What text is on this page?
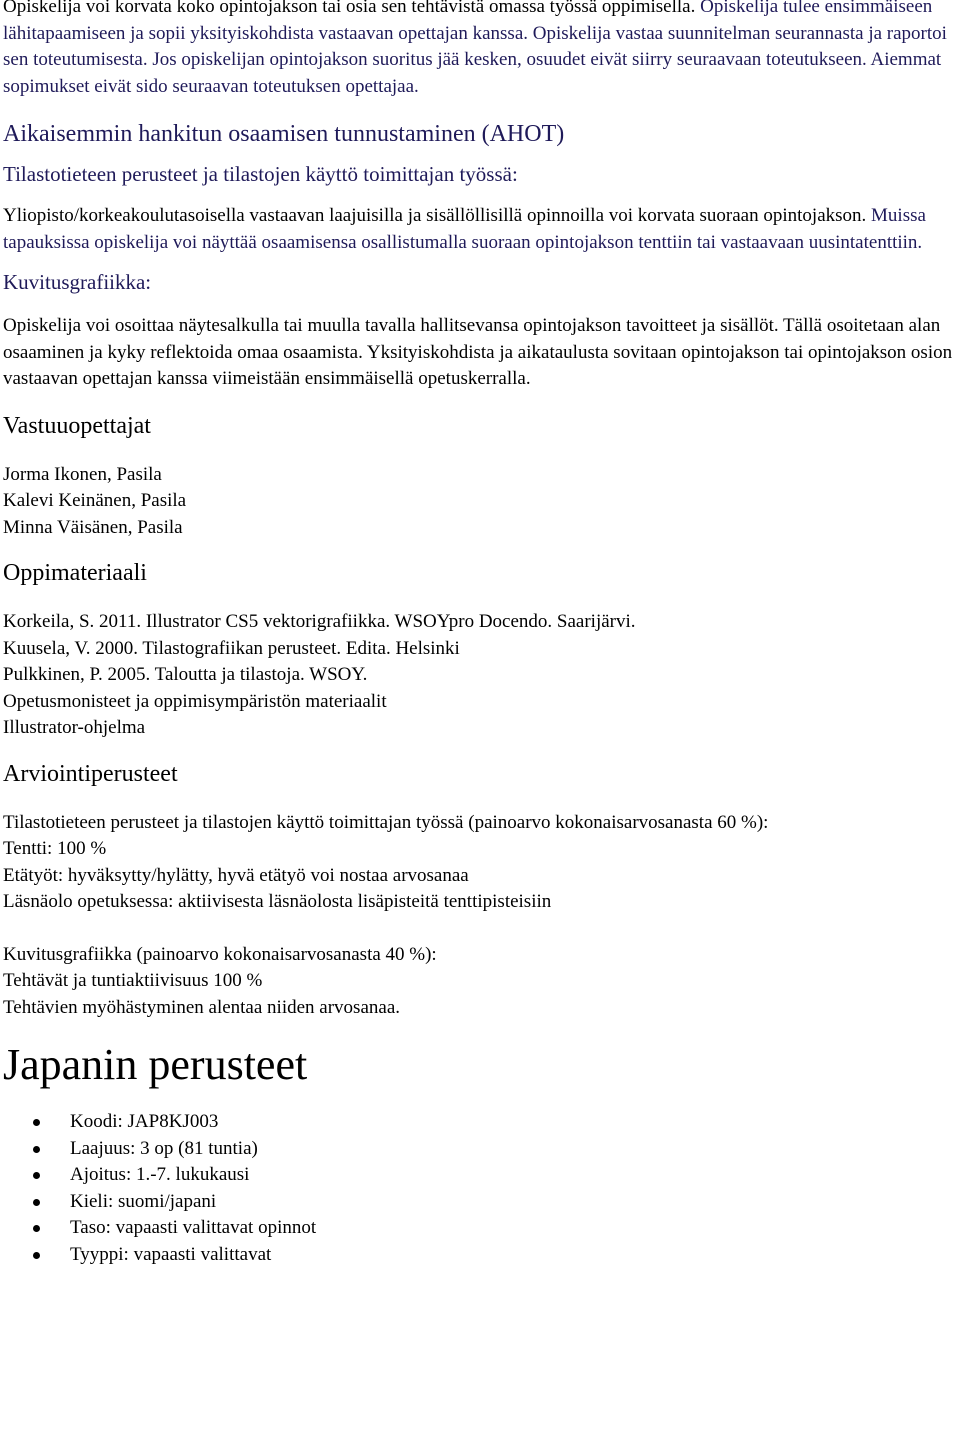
Opiskelija voi korvata koko opintojakson tai osia sen tehtävistä omassa työssä oppimisella. Opiskelija tulee ensimmäiseen lähitapaamiseen ja sopii yksityiskohdista vastaavan opettajan kanssa. Opiskelija vastaa suunnitelman seurannasta ja raportoi sen toteutumisesta. Jos opiskelijan opintojakson suoritus jää kesken, osuudet eivät siirry seuraavaan toteutukseen. Aiemmat sopimukset eivät sido seuraavan toteutuksen opettajaa.

Aikaisemmin hankitun osaamisen tunnustaminen (AHOT)
Tilastotieteen perusteet ja tilastojen käyttö toimittajan työssä:

Yliopisto/korkeakoulutasoisella vastaavan laajuisilla ja sisällöllisillä opinnoilla voi korvata suoraan opintojakson. Muissa tapauksissa opiskelija voi näyttää osaamisensa osallistumalla suoraan opintojakson tenttiin tai vastaavaan uusintatenttiin.

Kuvitusgrafiikka:

Opiskelija voi osoittaa näytesalkulla tai muulla tavalla hallitsevansa opintojakson tavoitteet ja sisällöt. Tällä osoitetaan alan osaaminen ja kyky reflektoida omaa osaamista. Yksityiskohdista ja aikataulusta sovitaan opintojakson tai opintojakson osion vastaavan opettajan kanssa viimeistään ensimmäisellä opetuskerralla.

Vastuuopettajat

Jorma Ikonen, Pasila
Kalevi Keinänen, Pasila
Minna Väisänen, Pasila

Oppimateriaali

Korkeila, S. 2011. Illustrator CS5 vektorigrafiikka. WSOYpro Docendo. Saarijärvi.
Kuusela, V. 2000. Tilastografiikan perusteet. Edita. Helsinki
Pulkkinen, P. 2005. Taloutta ja tilastoja. WSOY.
Opetusmonisteet ja oppimisympäristön materiaalit
Illustrator-ohjelma

Arviointiperusteet

Tilastotieteen perusteet ja tilastojen käyttö toimittajan työssä (painoarvo kokonaisarvosanasta 60 %):
Tentti: 100 %
Etätyöt: hyväksytty/hylätty, hyvä etätyö voi nostaa arvosanaa
Läsnäolo opetuksessa: aktiivisesta läsnäolosta lisäpisteitä tenttipisteisiin

Kuvitusgrafiikka (painoarvo kokonaisarvosanasta 40 %):
Tehtävät ja tuntiaktiivisuus 100 %
Tehtävien myöhästyminen alentaa niiden arvosanaa.

Japanin perusteet
Koodi: JAP8KJ003
Laajuus: 3 op (81 tuntia)
Ajoitus: 1.-7. lukukausi
Kieli: suomi/japani
Taso: vapaasti valittavat opinnot
Tyyppi: vapaasti valittavat
